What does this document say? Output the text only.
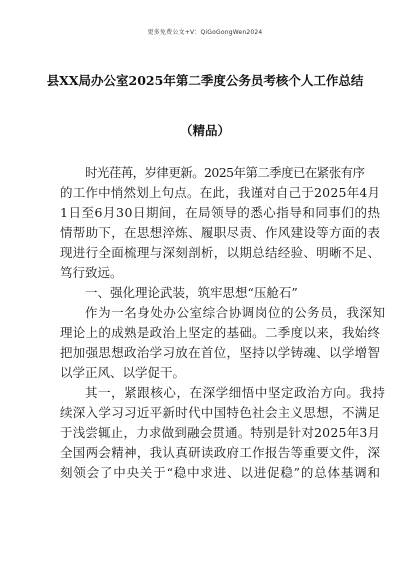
更多免费公文+V：QiGoGongWen2024
县XX局办公室2025年第二季度公务员考核个人工作总结
（精品）
时光荏苒，岁律更新。2025年第二季度已在紧张有序
的工作中悄然划上句点。在此，我谨对自己于2025年4月
1日至6月30日期间，在局领导的悉心指导和同事们的热
情帮助下，在思想淬炼、履职尽责、作风建设等方面的表
现进行全面梳理与深刻剖析，以期总结经验、明晰不足、
笃行致远。
一、强化理论武装，筑牢思想“压舱石”
作为一名身处办公室综合协调岗位的公务员，我深知
理论上的成熟是政治上坚定的基础。二季度以来，我始终
把加强思想政治学习放在首位，坚持以学铸魂、以学增智
以学正风、以学促干。
其一，紧跟核心，在深学细悟中坚定政治方向。我持
续深入学习习近平新时代中国特色社会主义思想，不满足
于浅尝辄止，力求做到融会贯通。特别是针对2025年3月
全国两会精神，我认真研读政府工作报告等重要文件，深
刻领会了中央关于“稳中求进、以进促稳”的总体基调和
